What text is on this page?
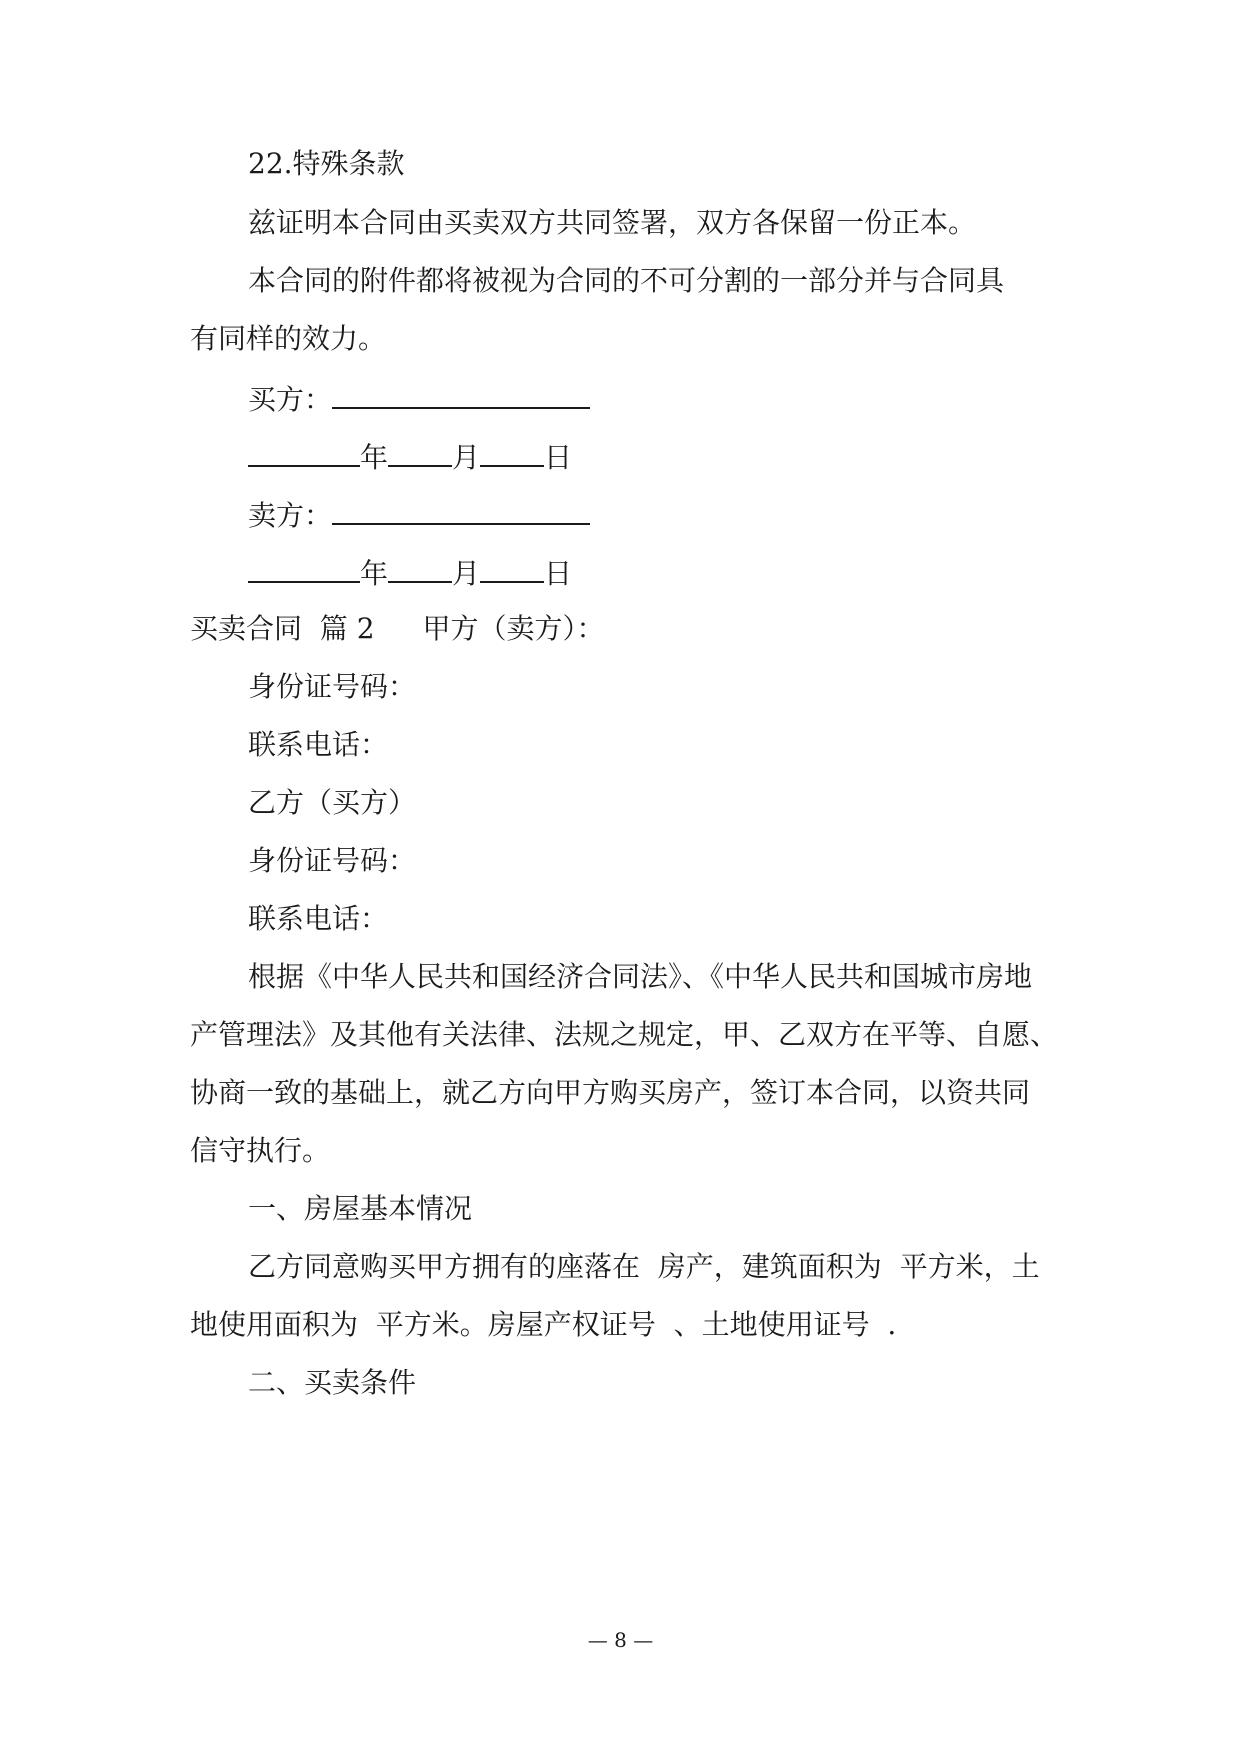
22.特殊条款
兹证明本合同由买卖双方共同签署，双方各保留一份正本。
本合同的附件都将被视为合同的不可分割的一部分并与合同具
有同样的效力。
买方：
年 月 日
卖方：
年 月 日
买卖合同  篇 2 甲方（卖方）：
身份证号码：
联系电话：
乙方（买方）
身份证号码：
联系电话：
根据《中华人民共和国经济合同法》、《中华人民共和国城市房地
产管理法》及其他有关法律、法规之规定，甲、乙双方在平等、自愿、
协商一致的基础上，就乙方向甲方购买房产，签订本合同，以资共同
信守执行。
一、房屋基本情况
乙方同意购买甲方拥有的座落在  房产，建筑面积为  平方米，土
地使用面积为  平方米。房屋产权证号  、土地使用证号  .
二、买卖条件
— 8 —
